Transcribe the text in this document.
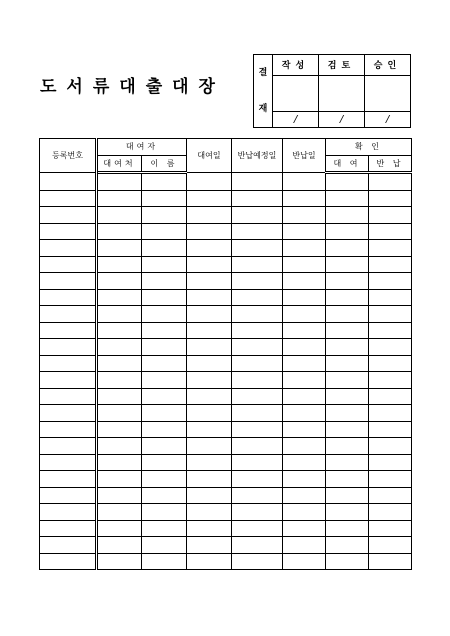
도서류대출대장
결
재	작성	검토	승인

	/	/	/
등록번호	대여자		대여일	반납예정일	반납일	확 인	
	대여처	이 름				대 여	반 납
